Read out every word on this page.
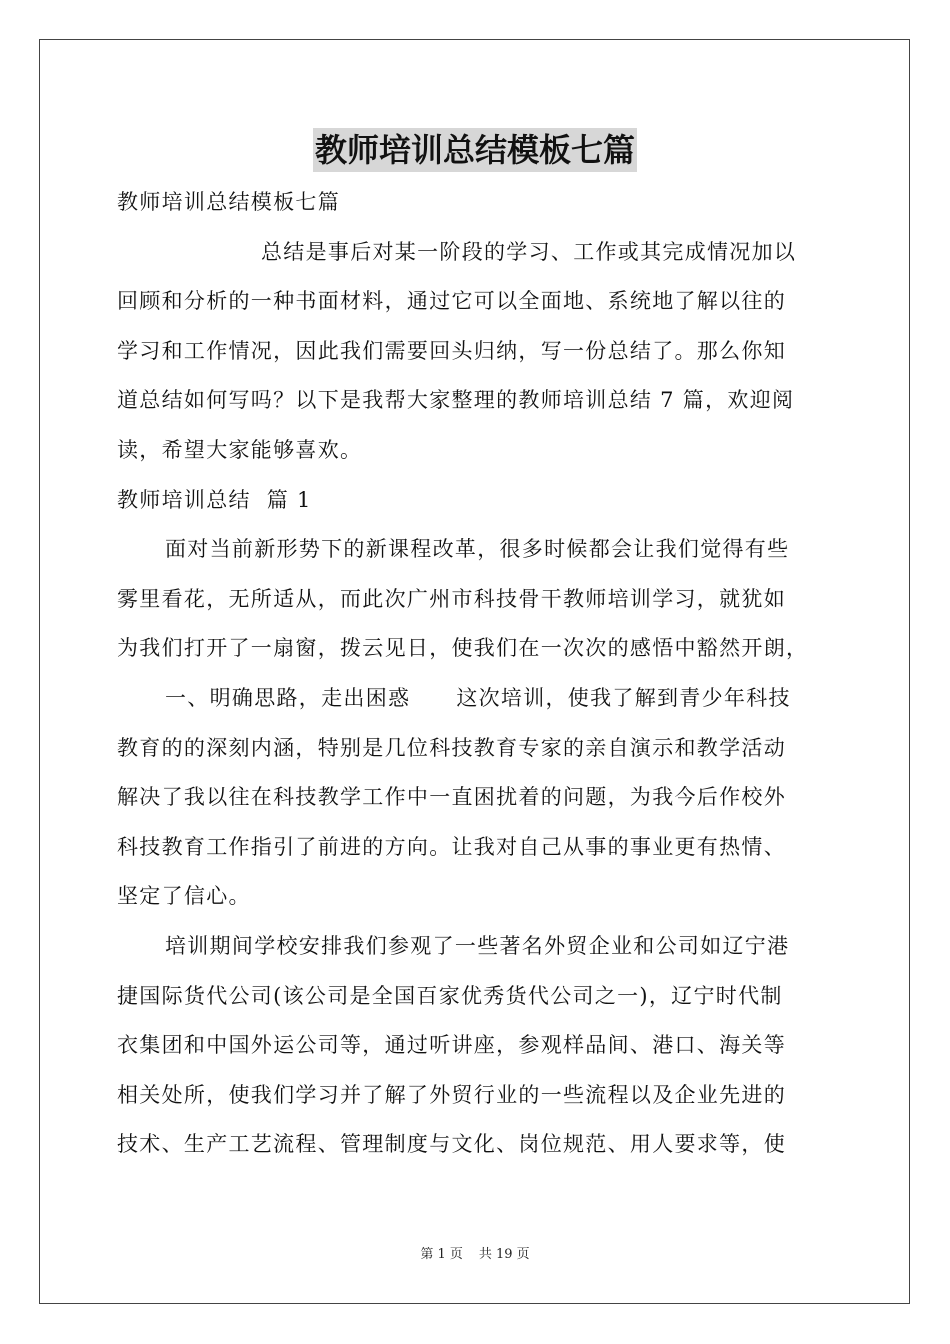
教师培训总结模板七篇
教师培训总结模板七篇
总结是事后对某一阶段的学习、工作或其完成情况加以
回顾和分析的一种书面材料，通过它可以全面地、系统地了解以往的
学习和工作情况，因此我们需要回头归纳，写一份总结了。那么你知
道总结如何写吗？以下是我帮大家整理的教师培训总结 7 篇，欢迎阅
读，希望大家能够喜欢。
教师培训总结  篇 1
面对当前新形势下的新课程改革，很多时候都会让我们觉得有些
雾里看花，无所适从，而此次广州市科技骨干教师培训学习，就犹如
为我们打开了一扇窗，拨云见日，使我们在一次次的感悟中豁然开朗，
一、明确思路，走出困惑 这次培训，使我了解到青少年科技
教育的的深刻内涵，特别是几位科技教育专家的亲自演示和教学活动
解决了我以往在科技教学工作中一直困扰着的问题，为我今后作校外
科技教育工作指引了前进的方向。让我对自己从事的事业更有热情、
坚定了信心。
培训期间学校安排我们参观了一些著名外贸企业和公司如辽宁港
捷国际货代公司(该公司是全国百家优秀货代公司之一)，辽宁时代制
衣集团和中国外运公司等，通过听讲座，参观样品间、港口、海关等
相关处所，使我们学习并了解了外贸行业的一些流程以及企业先进的
技术、生产工艺流程、管理制度与文化、岗位规范、用人要求等，使
第 1 页 共 19 页
